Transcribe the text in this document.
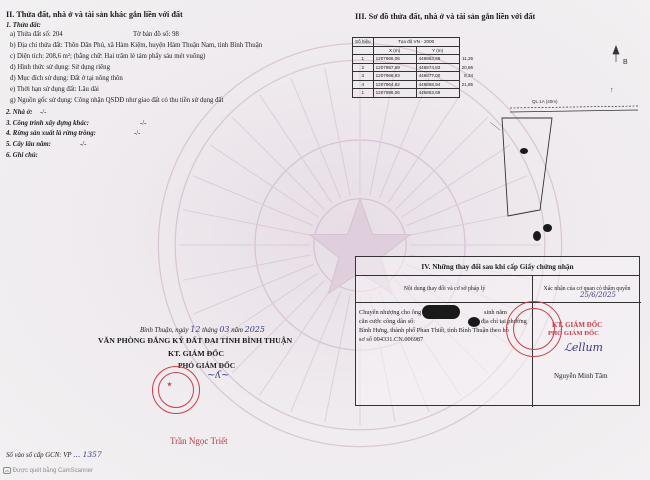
II. Thửa đất, nhà ở và tài sản khác gắn liền với đất
1. Thửa đất:
a) Thửa đất số: 204	Tờ bản đồ số: 98
b) Địa chỉ thửa đất: Thôn Dân Phú, xã Hàm Kiệm, huyện Hàm Thuận Nam, tỉnh Bình Thuận
c) Diện tích: 208,6 m²; (bằng chữ: Hai trăm lẻ tám phẩy sáu mét vuông)
d) Hình thức sử dụng: Sử dụng riêng
đ) Mục đích sử dụng: Đất ở tại nông thôn
e) Thời hạn sử dụng đất: Lâu dài
g) Nguồn gốc sử dụng: Công nhận QSDĐ như giao đất có thu tiền sử dụng đất
2. Nhà ở: -/-
3. Công trình xây dựng khác:	-/-
4. Rừng sản xuất là rừng trồng:	-/-
5. Cây lâu năm:	-/-
6. Ghi chú:
Bình Thuận, ngày 12 tháng 03 năm 2025
VĂN PHÒNG ĐĂNG KÝ ĐẤT ĐAI TỈNH BÌNH THUẬN
KT. GIÁM ĐỐC
PHÓ GIÁM ĐỐC
★
~ʎ~
Trần Ngọc Triết
Số vào sổ cấp GCN: VP ... 1357
III. Sơ đồ thửa đất, nhà ở và tài sản gắn liền với đất
Số hiệu	Tọa độ VN - 2000		
	X (m)	Y (m)	
1	1207966,06	446863,69	11,26
2	1207987,69	446874,83	20,86
3	1207966,93	446877,00	8,34
4	1207964,82	446868,94	21,85
1	1207986,06	446863,69	
B
↑
QL.1A (40m)
IV. Những thay đổi sau khi cấp Giấy chứng nhận
Nội dung thay đổi và cơ sở pháp lý	Xác nhận của cơ quan có thẩm quyền
Chuyển nhượng cho ông	sinh năm
căn cước công dân số:	địa chỉ tại phường
Bình Hưng, thành phố Phan Thiết, tỉnh Bình Thuận theo hồ
sơ số 004331.CN.006987
25/6/2025
KT. GIÁM ĐỐC
PHÓ GIÁM ĐỐC
ℒellum
Nguyễn Minh Tâm
cs Được quét bằng CamScanner
